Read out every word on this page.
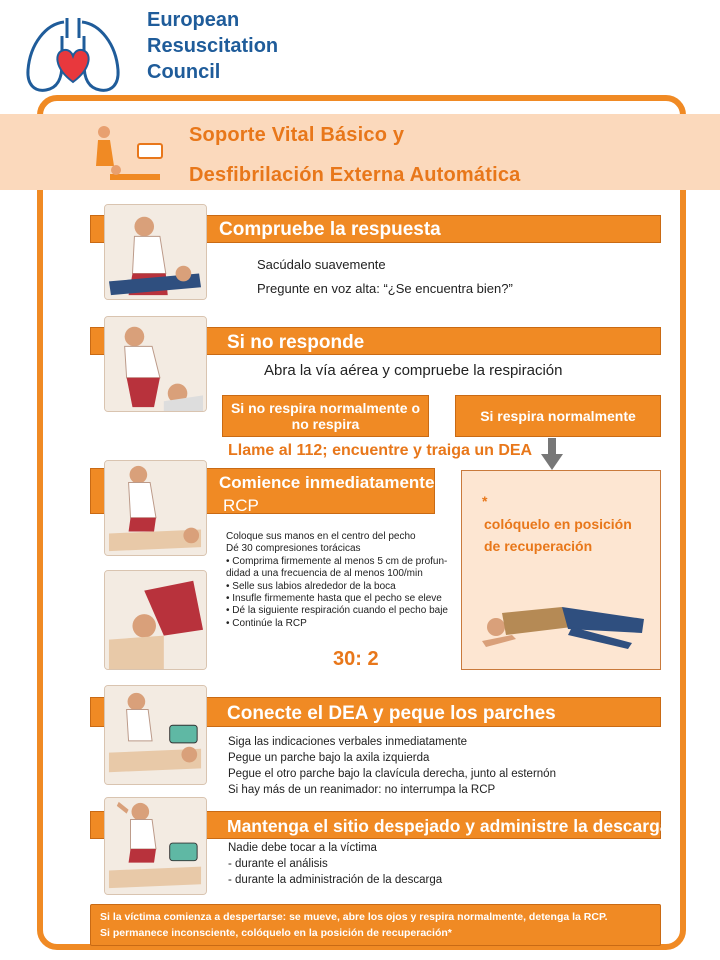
European
Resuscitation
Council
Soporte Vital Básico y
Desfibrilación Externa Automática
Compruebe la respuesta
Sacúdalo suavemente
Pregunte en voz alta: “¿Se encuentra bien?”
Si no responde
Abra la vía aérea y compruebe la respiración
Si no respira normalmente o no respira	Si respira normalmente
Llame al 112; encuentre y traiga un DEA
Comience inmediatamente
RCP
Coloque sus manos en el centro del pecho
Dé 30 compresiones torácicas
• Comprima firmemente al menos 5 cm de profun-
didad a una frecuencia de al menos 100/min
• Selle sus labios alrededor de la boca
• Insufle firmemente hasta que el pecho se eleve
• Dé la siguiente respiración cuando el pecho baje
• Continúe la RCP
30: 2
*
colóquelo en posición
de recuperación
Conecte el DEA y peque los parches
Siga las indicaciones verbales inmediatamente
Pegue un parche bajo la axila izquierda
Pegue el otro parche bajo la clavícula derecha, junto al esternón
Si hay más de un reanimador: no interrumpa la RCP
Mantenga el sitio despejado y administre la descarga
Nadie debe tocar a la víctima
- durante el análisis
- durante la administración de la descarga
Si la víctima comienza a despertarse: se mueve, abre los ojos y respira normalmente, detenga la RCP.
Si permanece inconsciente, colóquelo en la posición de recuperación*
